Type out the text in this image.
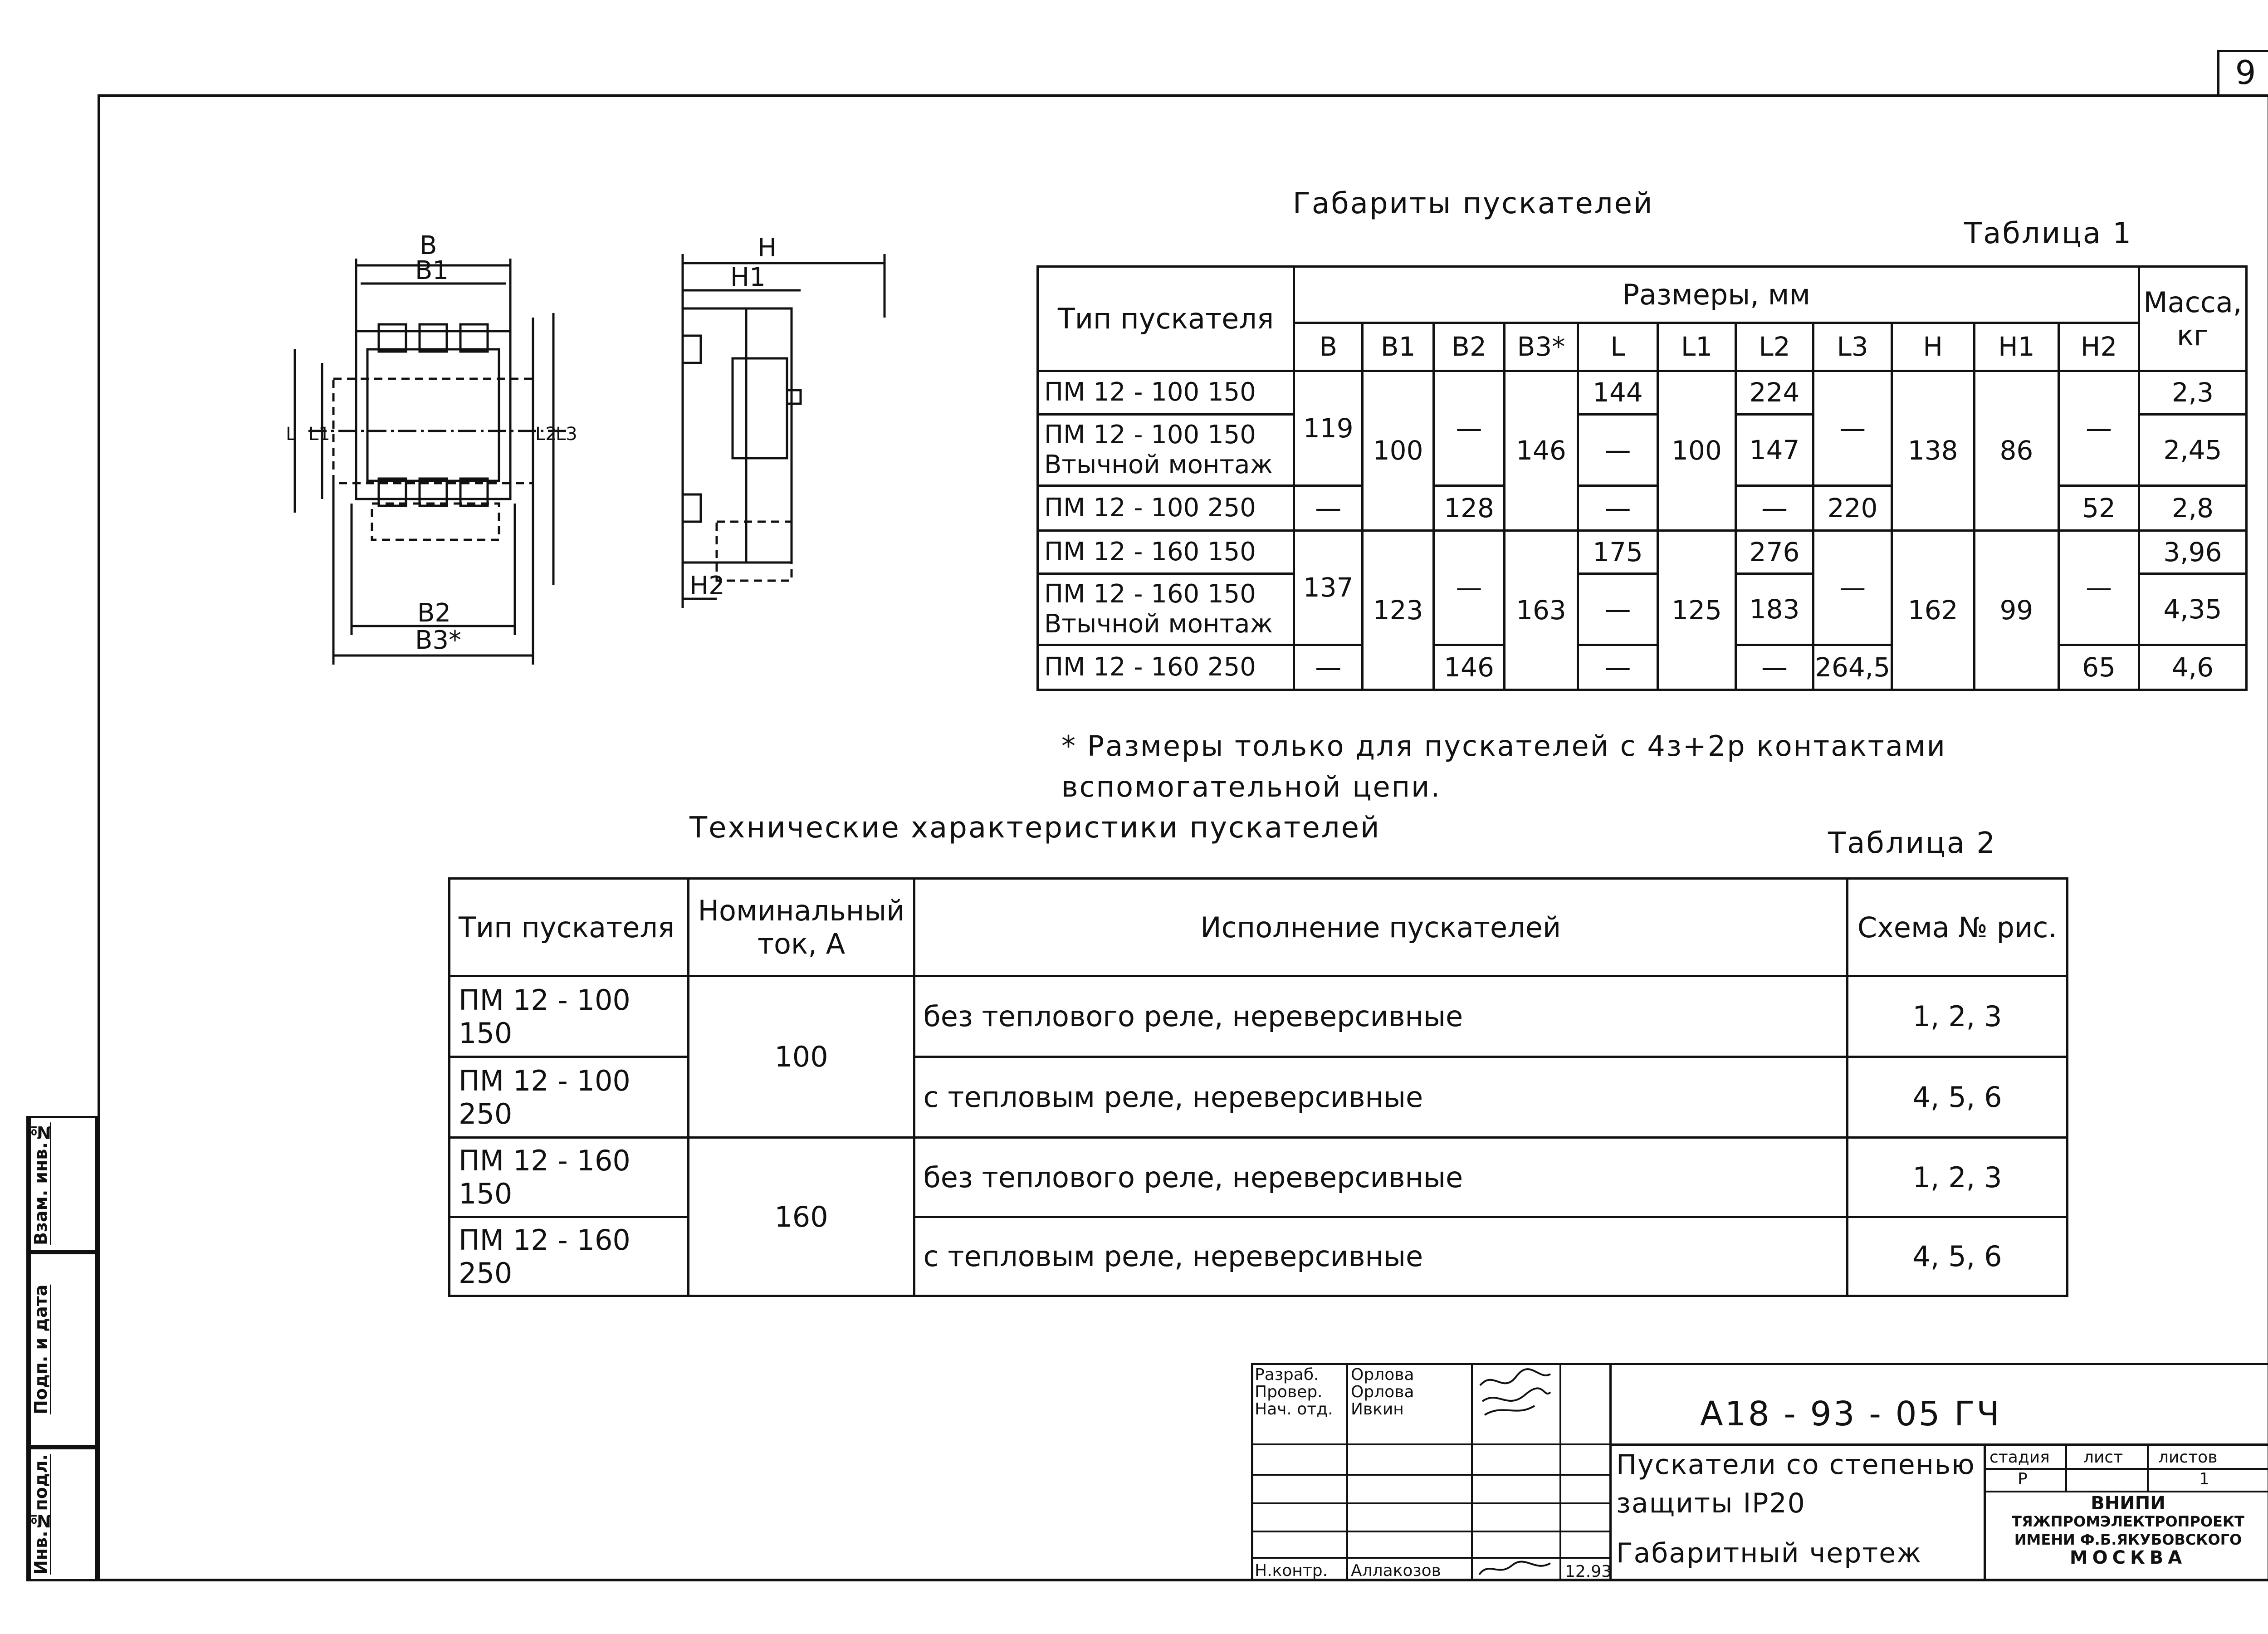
9
Взам. инв.№
Подп. и дата
Инв.№подл.
B
B1
B2
B3*
H
H1
H2
L L1	L2
L3
Габариты пускателей
Таблица 1
Тип пускателя	Размеры, мм											Масса, кг
	B	B1	B2	B3*	L	L1	L2	L3	H	H1	H2	
ПМ 12 - 100 150	119	100	—	146	144	100	224	—	138	86	—	2,3
ПМ 12 - 100 150 Втычной монтаж					—		147					2,45
ПМ 12 - 100 250	—		128		—		—	220			52	2,8
ПМ 12 - 160 150	137	123	—	163	175	125	276	—	162	99	—	3,96
ПМ 12 - 160 150 Втычной монтаж					—		183					4,35
ПМ 12 - 160 250	—		146		—		—	264,5			65	4,6
* Размеры только для пускателей с 4з+2р контактами вспомогательной цепи.
Технические характеристики пускателей	Таблица 2
Тип пускателя	Номинальный ток, А	Исполнение пускателей	Схема № рис.
ПМ 12 - 100 150	100	без теплового реле, нереверсивные	1, 2, 3
ПМ 12 - 100 250		с тепловым реле, нереверсивные	4, 5, 6
ПМ 12 - 160 150	160	без теплового реле, нереверсивные	1, 2, 3
ПМ 12 - 160 250		с тепловым реле, нереверсивные	4, 5, 6
Разраб.
Провер.
Нач. отд.
Н.контр.
Орлова
Орлова
Ивкин
Аллакозов	12.93
А18 - 93 - 05 ГЧ
Пускатели со степенью
защиты IP20
Габаритный чертеж
стадия лист листов
Р	1
ВНИПИ
ТЯЖПРОМЭЛЕКТРОПРОЕКТ
ИМЕНИ Ф.Б.ЯКУБОВСКОГО
МОСКВА
